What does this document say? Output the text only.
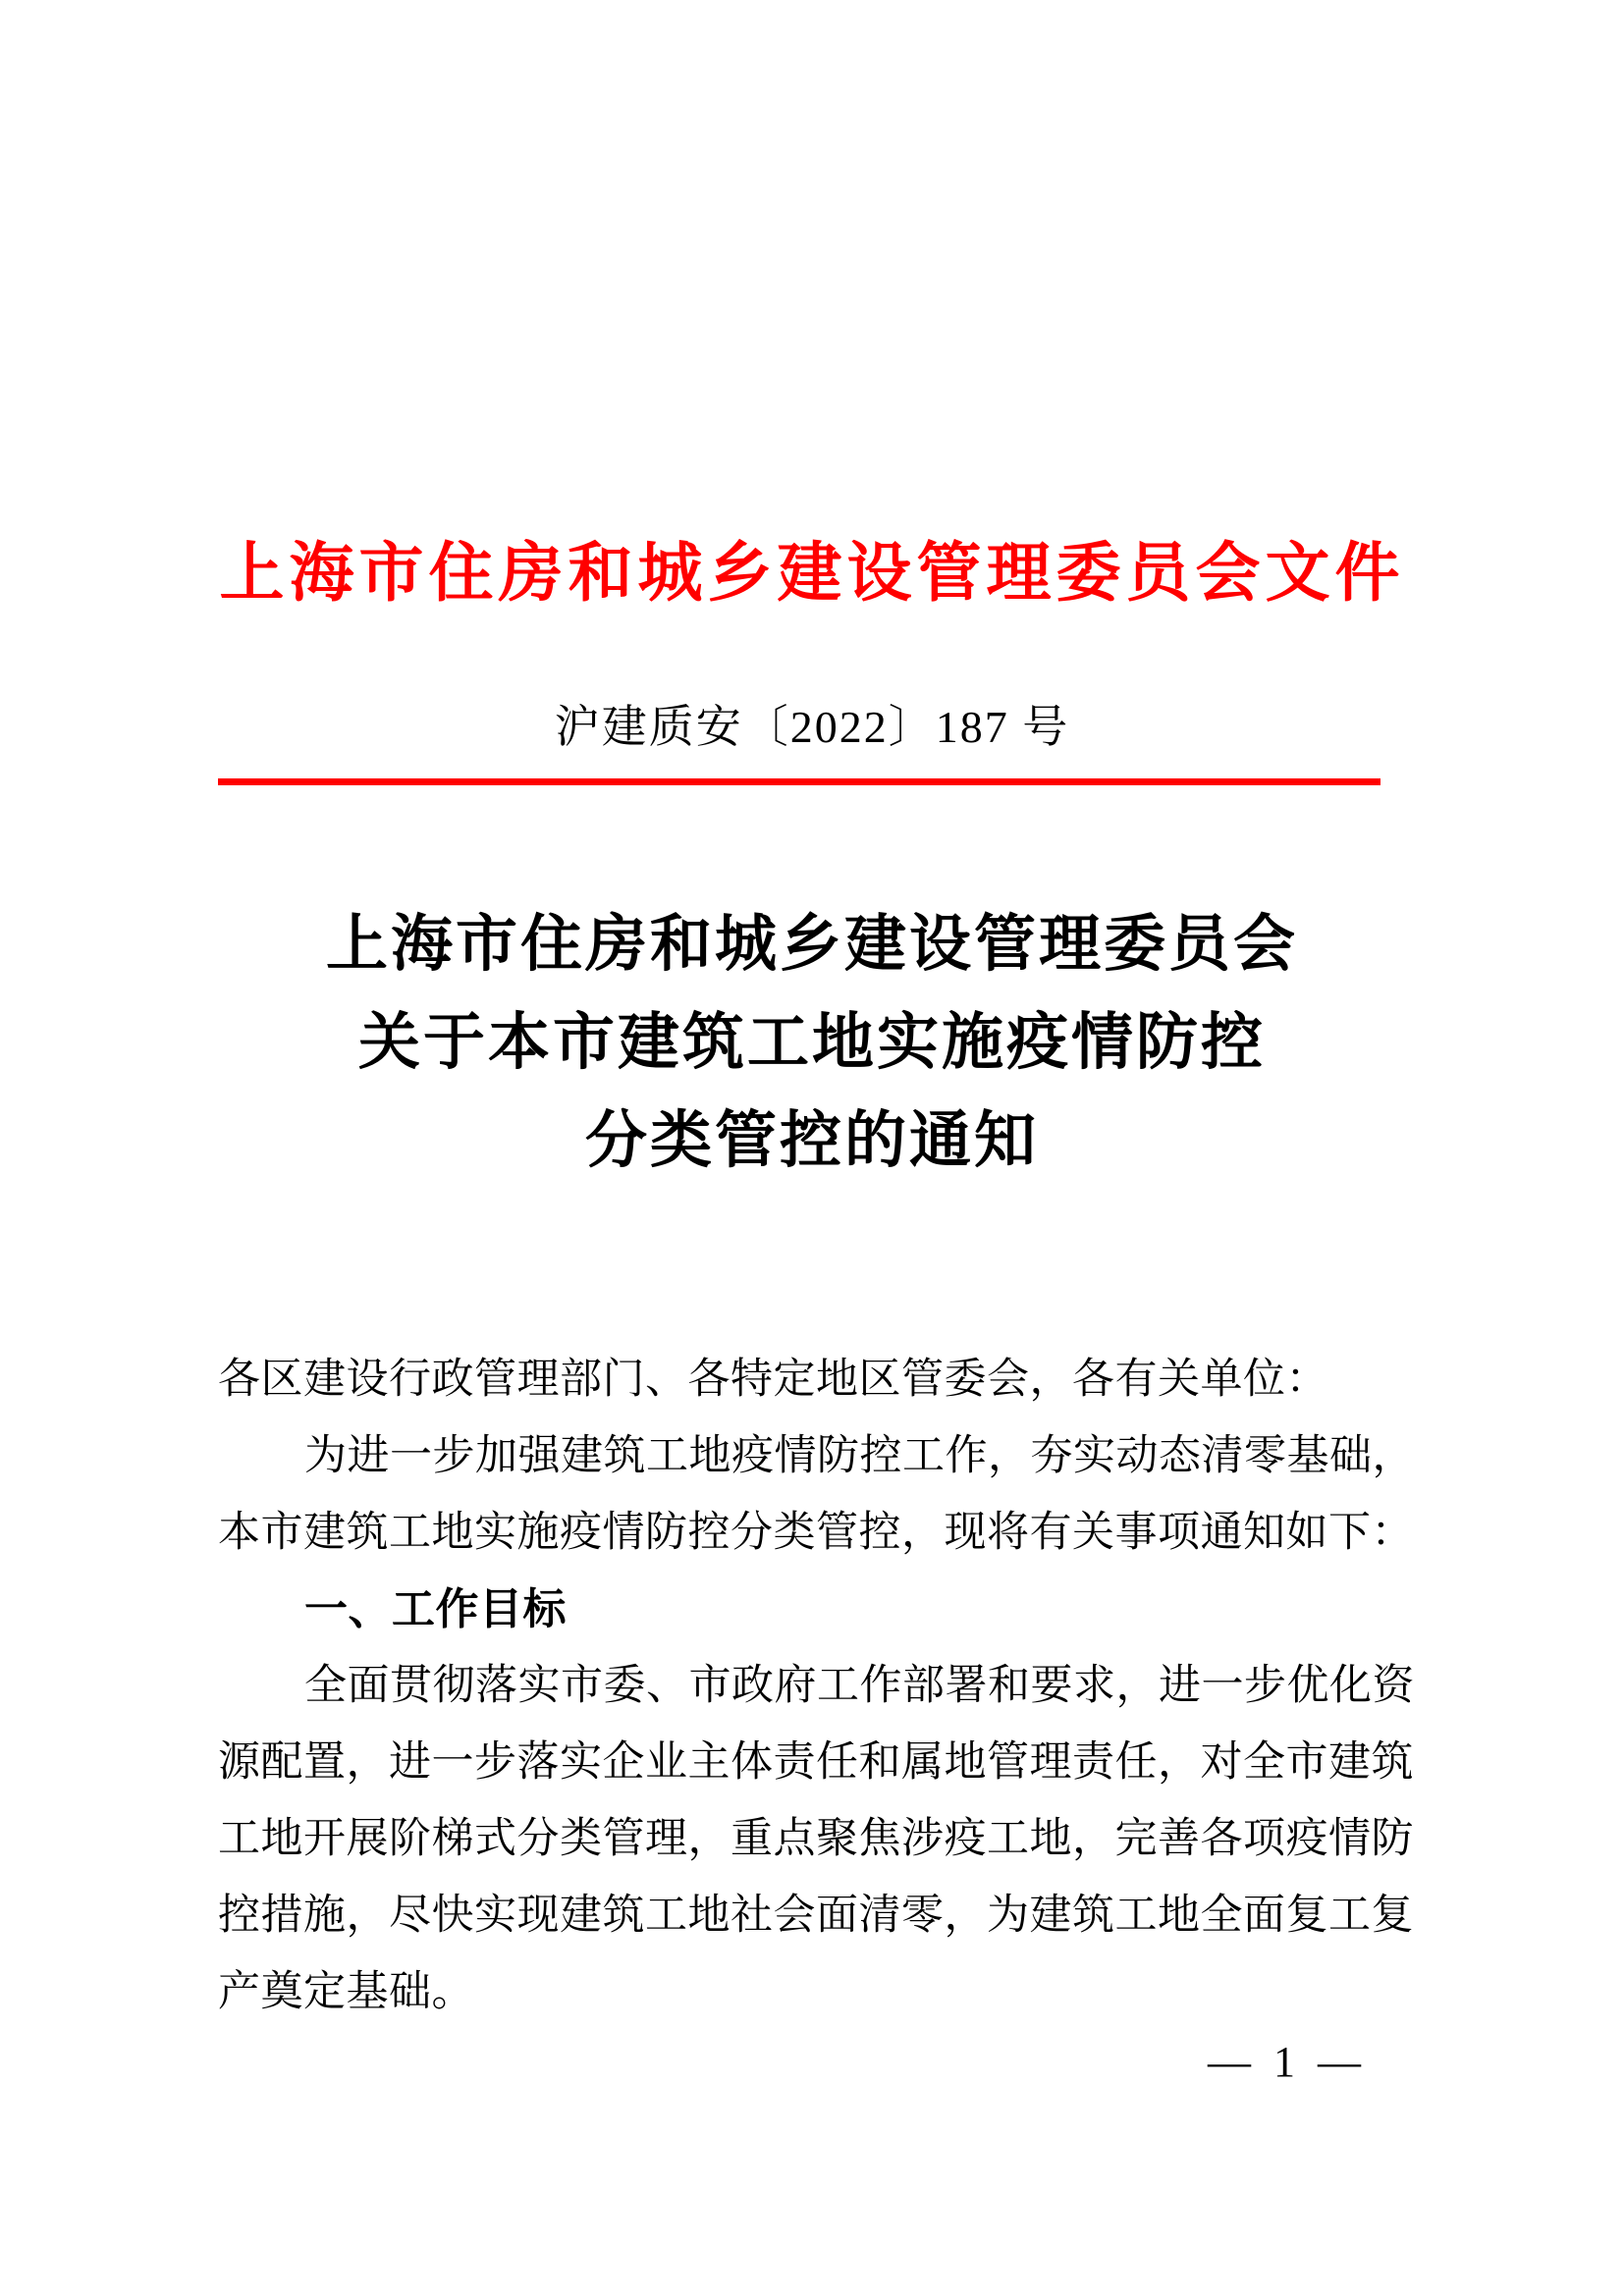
上海市住房和城乡建设管理委员会文件
沪建质安〔2022〕187 号
上海市住房和城乡建设管理委员会
关于本市建筑工地实施疫情防控
分类管控的通知
各区建设行政管理部门、各特定地区管委会，各有关单位：
为进一步加强建筑工地疫情防控工作，夯实动态清零基础，
本市建筑工地实施疫情防控分类管控，现将有关事项通知如下：
一、工作目标
全面贯彻落实市委、市政府工作部署和要求，进一步优化资
源配置，进一步落实企业主体责任和属地管理责任，对全市建筑
工地开展阶梯式分类管理，重点聚焦涉疫工地，完善各项疫情防
控措施，尽快实现建筑工地社会面清零，为建筑工地全面复工复
产奠定基础。
— 1 —
